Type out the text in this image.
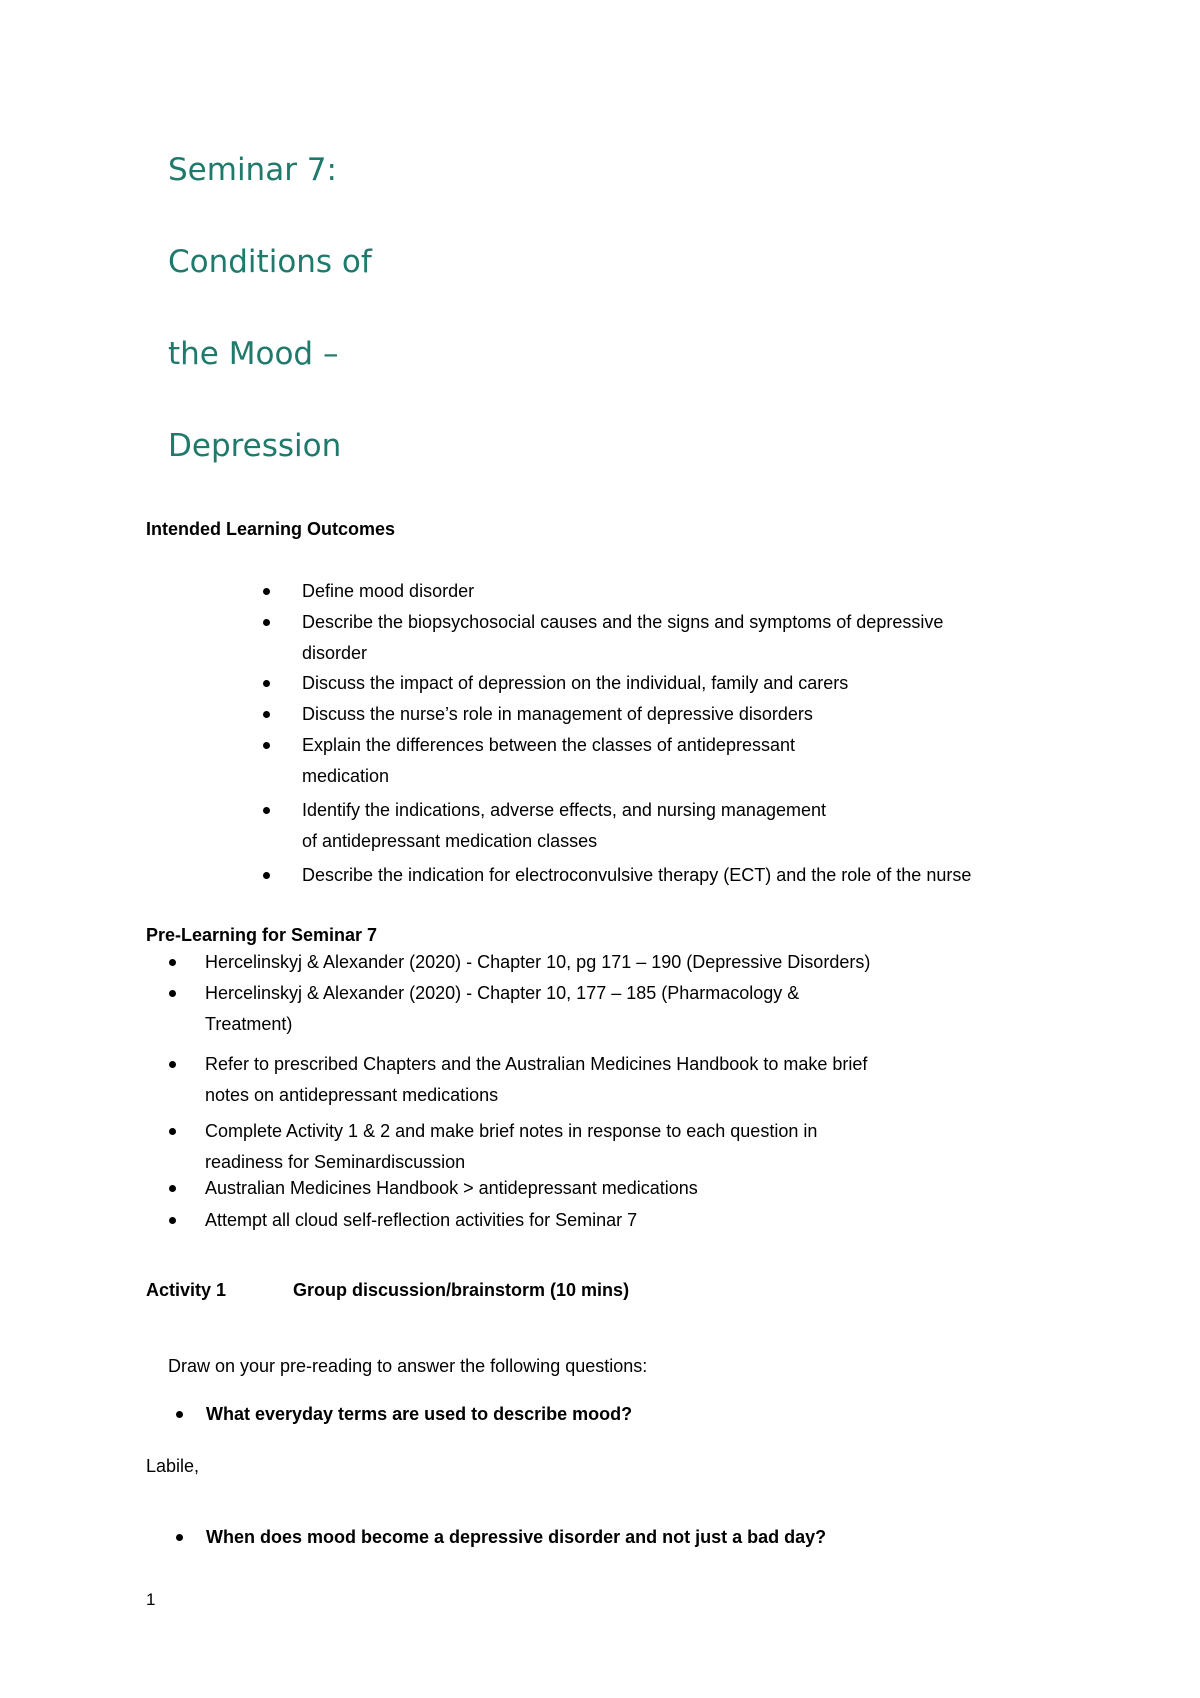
Seminar 7:
Conditions of
the Mood –
Depression
Intended Learning Outcomes
Define mood disorder
Describe the biopsychosocial causes and the signs and symptoms of depressive
disorder
Discuss the impact of depression on the individual, family and carers
Discuss the nurse’s role in management of depressive disorders
Explain the differences between the classes of antidepressant
medication
Identify the indications, adverse effects, and nursing management
of antidepressant medication classes
Describe the indication for electroconvulsive therapy (ECT) and the role of the nurse
Pre-Learning for Seminar 7
Hercelinskyj & Alexander (2020) - Chapter 10, pg 171 – 190 (Depressive Disorders)
Hercelinskyj & Alexander (2020) - Chapter 10, 177 – 185 (Pharmacology &
Treatment)
Refer to prescribed Chapters and the Australian Medicines Handbook to make brief
notes on antidepressant medications
Complete Activity 1 & 2 and make brief notes in response to each question in
readiness for Seminardiscussion
Australian Medicines Handbook > antidepressant medications
Attempt all cloud self-reflection activities for Seminar 7
Activity 1	Group discussion/brainstorm (10 mins)
Draw on your pre-reading to answer the following questions:
What everyday terms are used to describe mood?
Labile,
When does mood become a depressive disorder and not just a bad day?
1
